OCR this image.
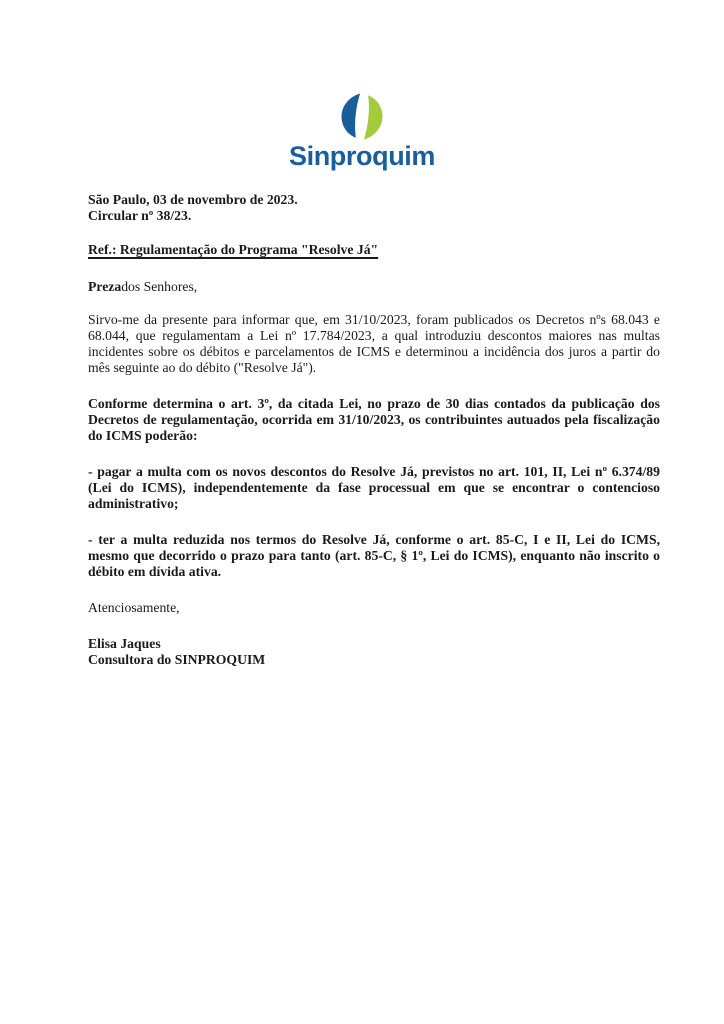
Sinproquim
São Paulo, 03 de novembro de 2023.
Circular nº 38/23.
Ref.: Regulamentação do Programa "Resolve Já"
Prezados Senhores,
Sirvo-me da presente para informar que, em 31/10/2023, foram publicados os Decretos nºs 68.043 e 68.044, que regulamentam a Lei nº 17.784/2023, a qual introduziu descontos maiores nas multas incidentes sobre os débitos e parcelamentos de ICMS e determinou a incidência dos juros a partir do mês seguinte ao do débito ("Resolve Já").
Conforme determina o art. 3º, da citada Lei, no prazo de 30 dias contados da publicação dos Decretos de regulamentação, ocorrida em 31/10/2023, os contribuintes autuados pela fiscalização do ICMS poderão:
- pagar a multa com os novos descontos do Resolve Já, previstos no art. 101, II, Lei nº 6.374/89 (Lei do ICMS), independentemente da fase processual em que se encontrar o contencioso administrativo;
- ter a multa reduzida nos termos do Resolve Já, conforme o art. 85-C, I e II, Lei do ICMS, mesmo que decorrido o prazo para tanto (art. 85-C, § 1º, Lei do ICMS), enquanto não inscrito o débito em dívida ativa.
Atenciosamente,
Elisa Jaques
Consultora do SINPROQUIM
